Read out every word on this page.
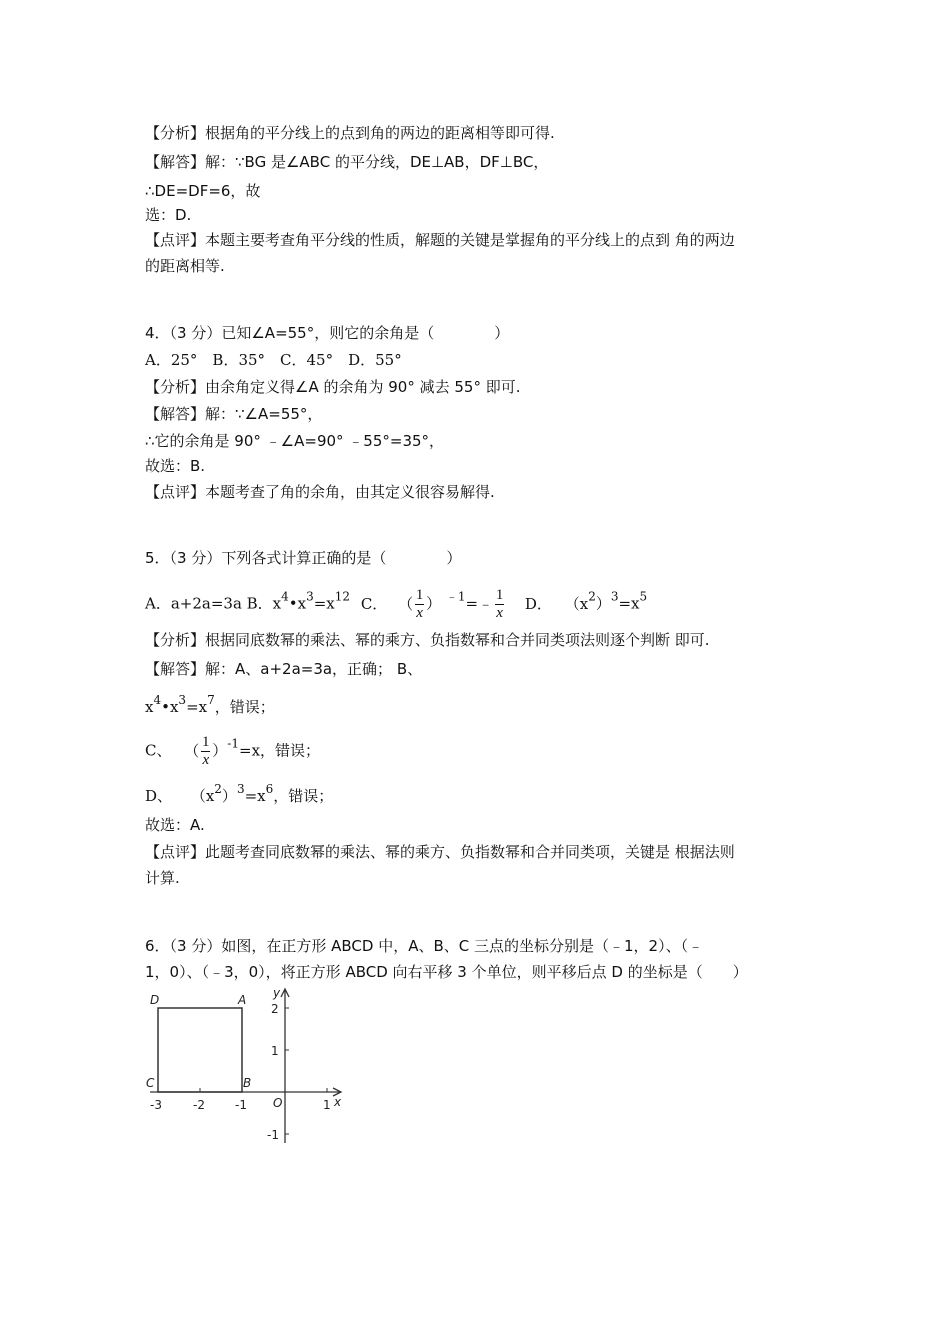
【分析】根据角的平分线上的点到角的两边的距离相等即可得.
【解答】解：∵BG 是∠ABC 的平分线，DE⊥AB，DF⊥BC，
∴DE=DF=6，故
选：D.
【点评】本题主要考查角平分线的性质，解题的关键是掌握角的平分线上的点到 角的两边
的距离相等.
4．（3 分）已知∠A=55°，则它的余角是（　　　　）
A．25°　B．35°　C．45°　D．55°
【分析】由余角定义得∠A 的余角为 90° 减去 55° 即可.
【解答】解：∵∠A=55°，
∴它的余角是 90° ﹣∠A=90° ﹣55°=35°，
故选：B.
【点评】本题考查了角的余角，由其定义很容易解得.
5．（3 分）下列各式计算正确的是（　　　　）
A．a+2a=3a B．$x^4•x^3=x^{12}$ C． （ $\frac{1}{x}$ ） $^{﹣1}$=﹣ $\frac{1}{x}$ D． $(x^2)^3=x^5$
【分析】根据同底数幂的乘法、幂的乘方、负指数幂和合并同类项法则逐个判断 即可.
【解答】解：A、a+2a=3a，正确； B、
$x^4•x^3=x^7$，错误；
C、 （ $\frac{1}{x} )^{-1}=x$，错误；
D、 $(x^2)^3=x^6$，错误；
故选：A.
【点评】此题考查同底数幂的乘法、幂的乘方、负指数幂和合并同类项，关键是 根据法则
计算.
6．（3 分）如图，在正方形 ABCD 中，A、B、C 三点的坐标分别是（﹣1，2）、（﹣
1，0）、（﹣3，0），将正方形 ABCD 向右平移 3 个单位，则平移后点 D 的坐标是（　　）
D	A
C	B
O
-3	-2	-1	1 x
2
1
-1
y
